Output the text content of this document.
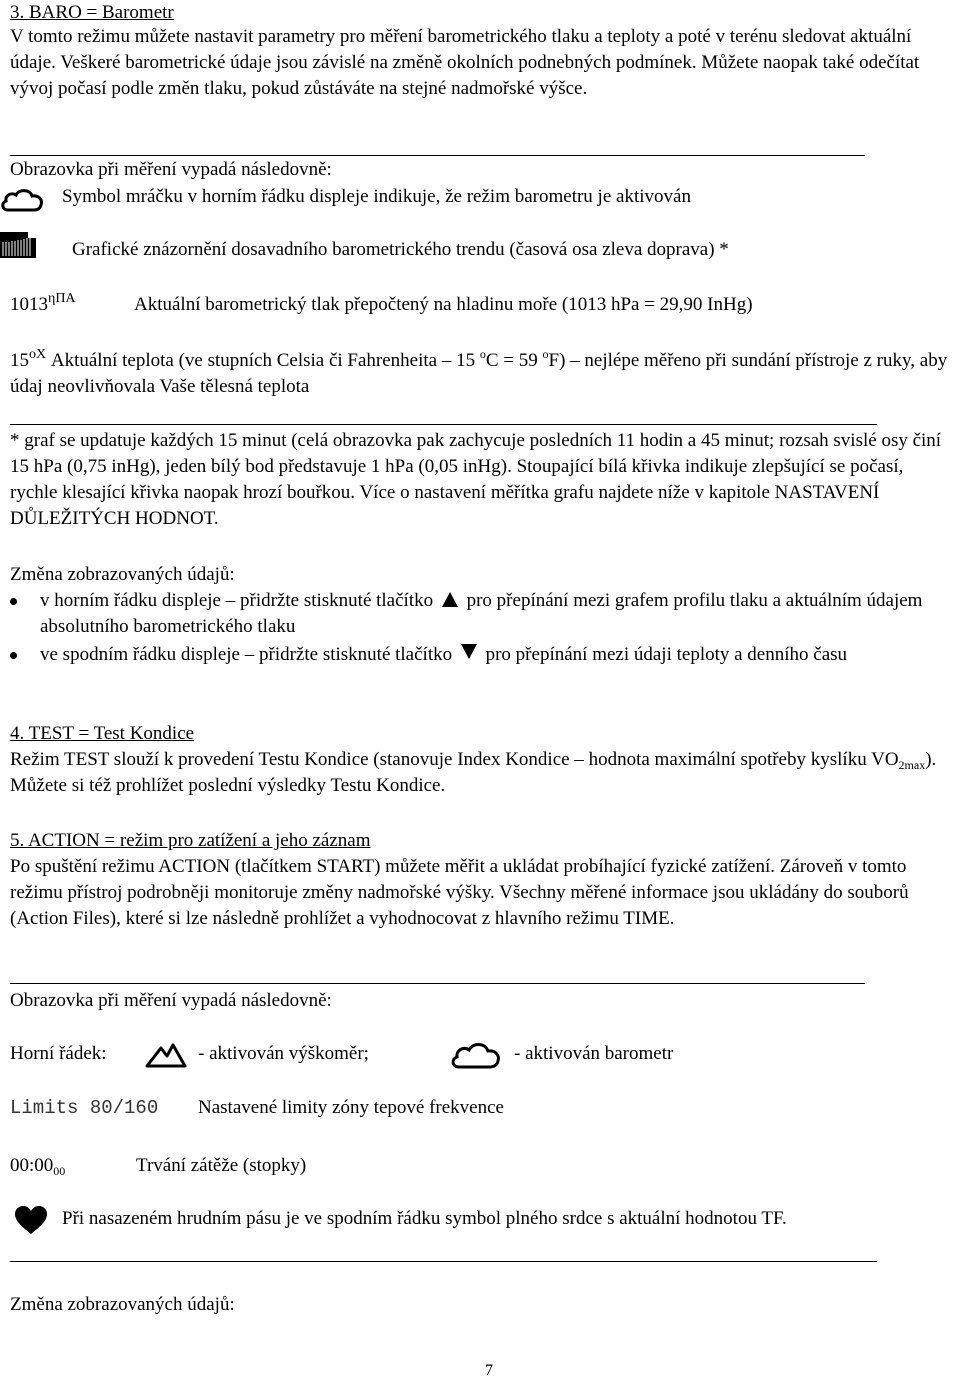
3. BARO = Barometr
V tomto režimu můžete nastavit parametry pro měření barometrického tlaku a teploty a poté v terénu sledovat aktuální údaje. Veškeré barometrické údaje jsou závislé na změně okolních podnebných podmínek. Můžete naopak také odečítat vývoj počasí podle změn tlaku, pokud zůstáváte na stejné nadmořské výšce.
Obrazovka při měření vypadá následovně:
Symbol mráčku v horním řádku displeje indikuje, že režim barometru je aktivován
Grafické znázornění dosavadního barometrického trendu (časová osa zleva doprava) *
$1013^{\eta\Pi A}$	Aktuální barometrický tlak přepočtený na hladinu moře (1013 hPa = 29,90 InHg)
$15^{oX}$ Aktuální teplota (ve stupních Celsia či Fahrenheita – 15 $^o$C = 59 $^o$F) – nejlépe měřeno při sundání přístroje z ruky, aby údaj neovlivňovala Vaše tělesná teplota
* graf se updatuje každých 15 minut (celá obrazovka pak zachycuje posledních 11 hodin a 45 minut; rozsah svislé osy činí 15 hPa (0,75 inHg), jeden bílý bod představuje 1 hPa (0,05 inHg). Stoupající bílá křivka indikuje zlepšující se počasí, rychle klesající křivka naopak hrozí bouřkou. Více o nastavení měřítka grafu najdete níže v kapitole NASTAVENÍ DŮLEŽITÝCH HODNOT.
Změna zobrazovaných údajů:
v horním řádku displeje – přidržte stisknuté tlačítko pro přepínání mezi grafem profilu tlaku a aktuálním údajem absolutního barometrického tlaku
ve spodním řádku displeje – přidržte stisknuté tlačítko pro přepínání mezi údaji teploty a denního času
4. TEST = Test Kondice
Režim TEST slouží k provedení Testu Kondice (stanovuje Index Kondice – hodnota maximální spotřeby kyslíku $VO_{2max}$). Můžete si též prohlížet poslední výsledky Testu Kondice.
5. ACTION = režim pro zatížení a jeho záznam
Po spuštění režimu ACTION (tlačítkem START) můžete měřit a ukládat probíhající fyzické zatížení. Zároveň v tomto režimu přístroj podrobněji monitoruje změny nadmořské výšky. Všechny měřené informace jsou ukládány do souborů (Action Files), které si lze následně prohlížet a vyhodnocovat z hlavního režimu TIME.
Obrazovka při měření vypadá následovně:
Horní řádek:	- aktivován výškoměr;	- aktivován barometr
Limits 80/160	Nastavené limity zóny tepové frekvence
$00:00_{00}$	Trvání zátěže (stopky)
Při nasazeném hrudním pásu je ve spodním řádku symbol plného srdce s aktuální hodnotou TF.
Změna zobrazovaných údajů:
7
